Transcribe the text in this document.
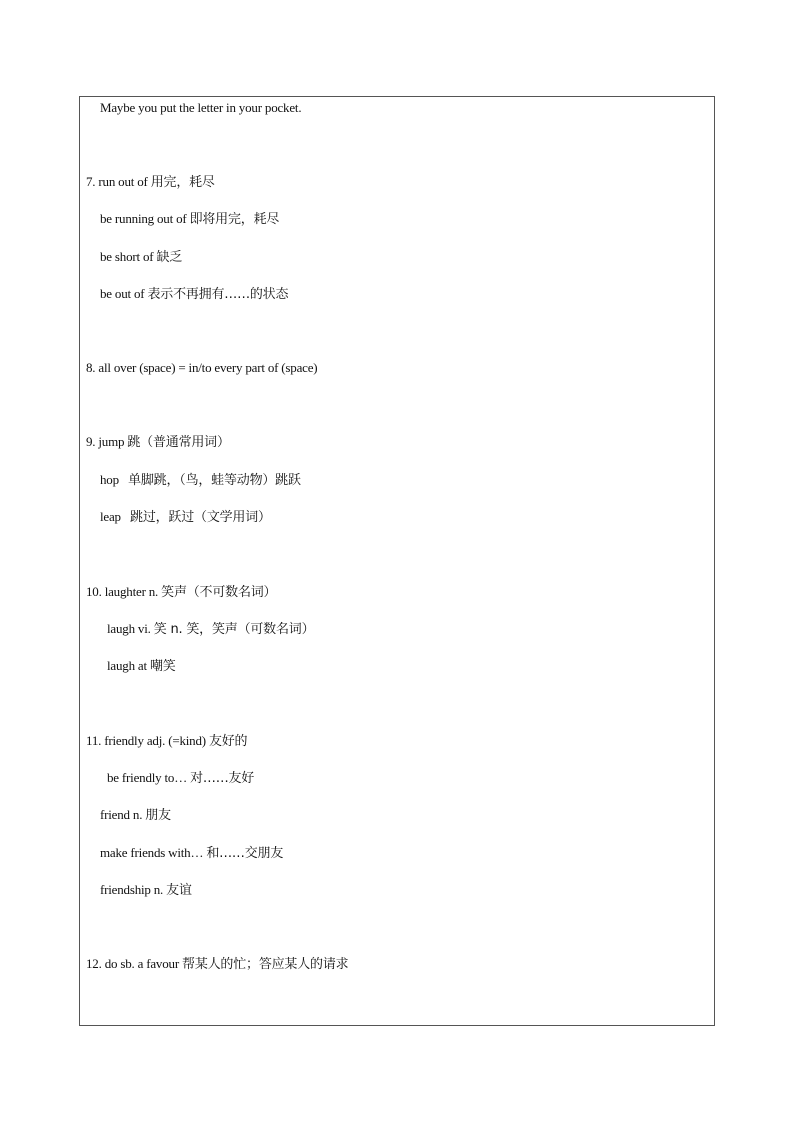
Maybe you put the letter in your pocket.
7. run out of 用完，耗尽
be running out of 即将用完，耗尽
be short of 缺乏
be out of 表示不再拥有……的状态
8. all over (space) = in/to every part of (space)
9. jump 跳（普通常用词）
hop   单脚跳，（鸟，蛙等动物）跳跃
leap   跳过，跃过（文学用词）
10. laughter n. 笑声（不可数名词）
laugh vi. 笑 n. 笑，笑声（可数名词）
laugh at 嘲笑
11. friendly adj. (=kind) 友好的
be friendly to… 对……友好
friend n. 朋友
make friends with… 和……交朋友
friendship n. 友谊
12. do sb. a favour 帮某人的忙；答应某人的请求
